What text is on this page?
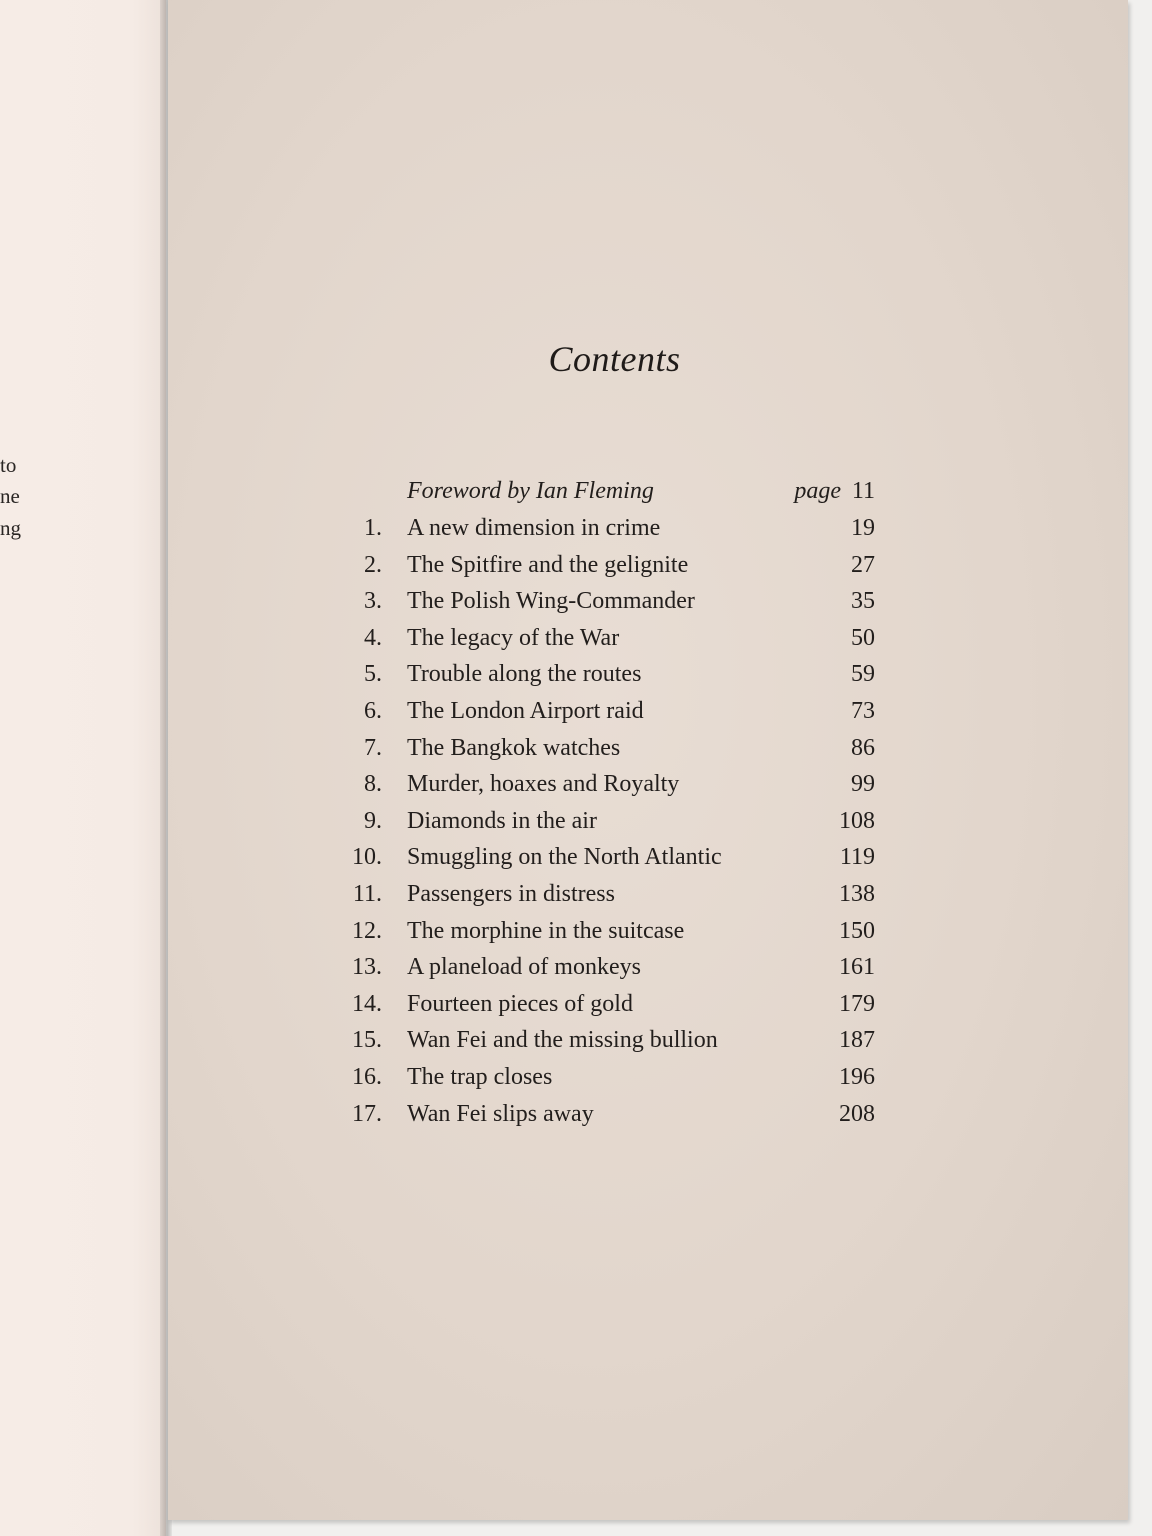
to
ne
ng
Contents
Foreword by Ian Fleming	page 11
1. A new dimension in crime	19
2. The Spitfire and the gelignite	27
3. The Polish Wing-Commander	35
4. The legacy of the War	50
5. Trouble along the routes	59
6. The London Airport raid	73
7. The Bangkok watches	86
8. Murder, hoaxes and Royalty	99
9. Diamonds in the air	108
10. Smuggling on the North Atlantic	119
11. Passengers in distress	138
12. The morphine in the suitcase	150
13. A planeload of monkeys	161
14. Fourteen pieces of gold	179
15. Wan Fei and the missing bullion	187
16. The trap closes	196
17. Wan Fei slips away	208
